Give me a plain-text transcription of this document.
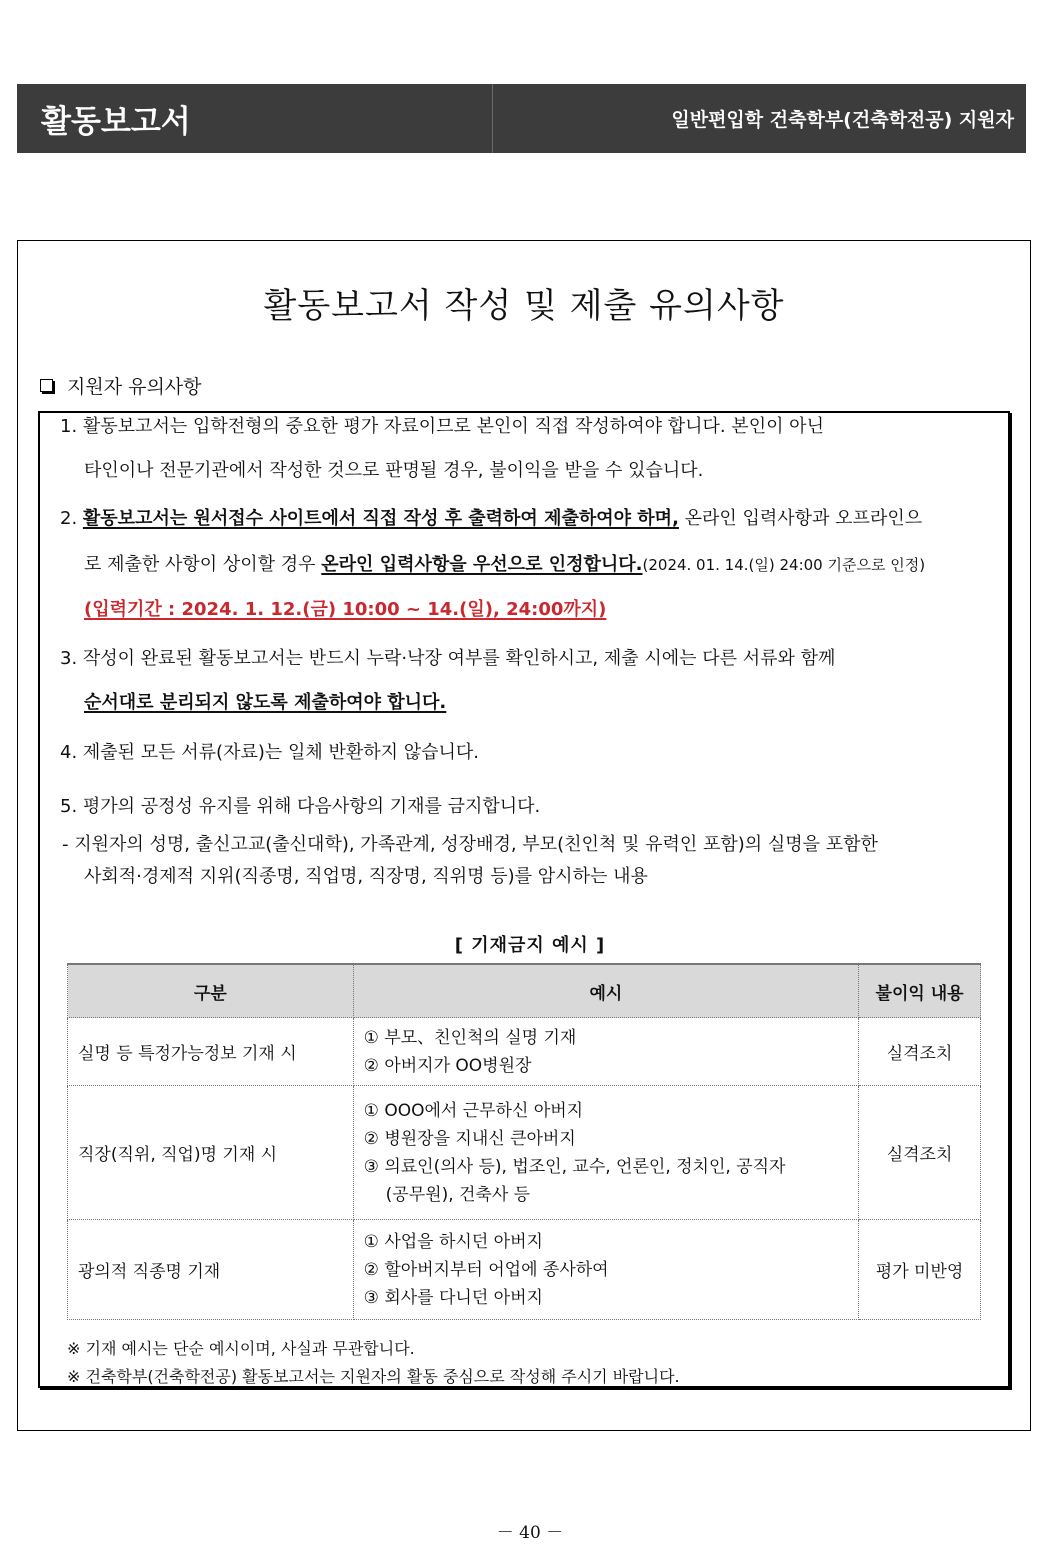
활동보고서	일반편입학 건축학부(건축학전공) 지원자
활동보고서 작성 및 제출 유의사항
지원자 유의사항
1. 활동보고서는 입학전형의 중요한 평가 자료이므로 본인이 직접 작성하여야 합니다. 본인이 아닌
타인이나 전문기관에서 작성한 것으로 판명될 경우, 불이익을 받을 수 있습니다.
2. 활동보고서는 원서접수 사이트에서 직접 작성 후 출력하여 제출하여야 하며, 온라인 입력사항과 오프라인으
로 제출한 사항이 상이할 경우 온라인 입력사항을 우선으로 인정합니다.(2024. 01. 14.(일) 24:00 기준으로 인정)
(입력기간 : 2024. 1. 12.(금) 10:00 ~ 14.(일), 24:00까지)
3. 작성이 완료된 활동보고서는 반드시 누락·낙장 여부를 확인하시고, 제출 시에는 다른 서류와 함께
순서대로 분리되지 않도록 제출하여야 합니다.
4. 제출된 모든 서류(자료)는 일체 반환하지 않습니다.
5. 평가의 공정성 유지를 위해 다음사항의 기재를 금지합니다.
- 지원자의 성명, 출신고교(출신대학), 가족관계, 성장배경, 부모(친인척 및 유력인 포함)의 실명을 포함한
사회적·경제적 지위(직종명, 직업명, 직장명, 직위명 등)를 암시하는 내용
[ 기재금지 예시 ]
구분	예시	불이익 내용
실명 등 특정가능정보 기재 시	① 부모、친인척의 실명 기재
② 아버지가 OO병원장	실격조치
직장(직위, 직업)명 기재 시	① OOO에서 근무하신 아버지
② 병원장을 지내신 큰아버지
③ 의료인(의사 등), 법조인, 교수, 언론인, 정치인, 공직자
(공무원), 건축사 등	실격조치
광의적 직종명 기재	① 사업을 하시던 아버지
② 할아버지부터 어업에 종사하여
③ 회사를 다니던 아버지	평가 미반영
※ 기재 예시는 단순 예시이며, 사실과 무관합니다.
※ 건축학부(건축학전공) 활동보고서는 지원자의 활동 중심으로 작성해 주시기 바랍니다.
－ 40 －
